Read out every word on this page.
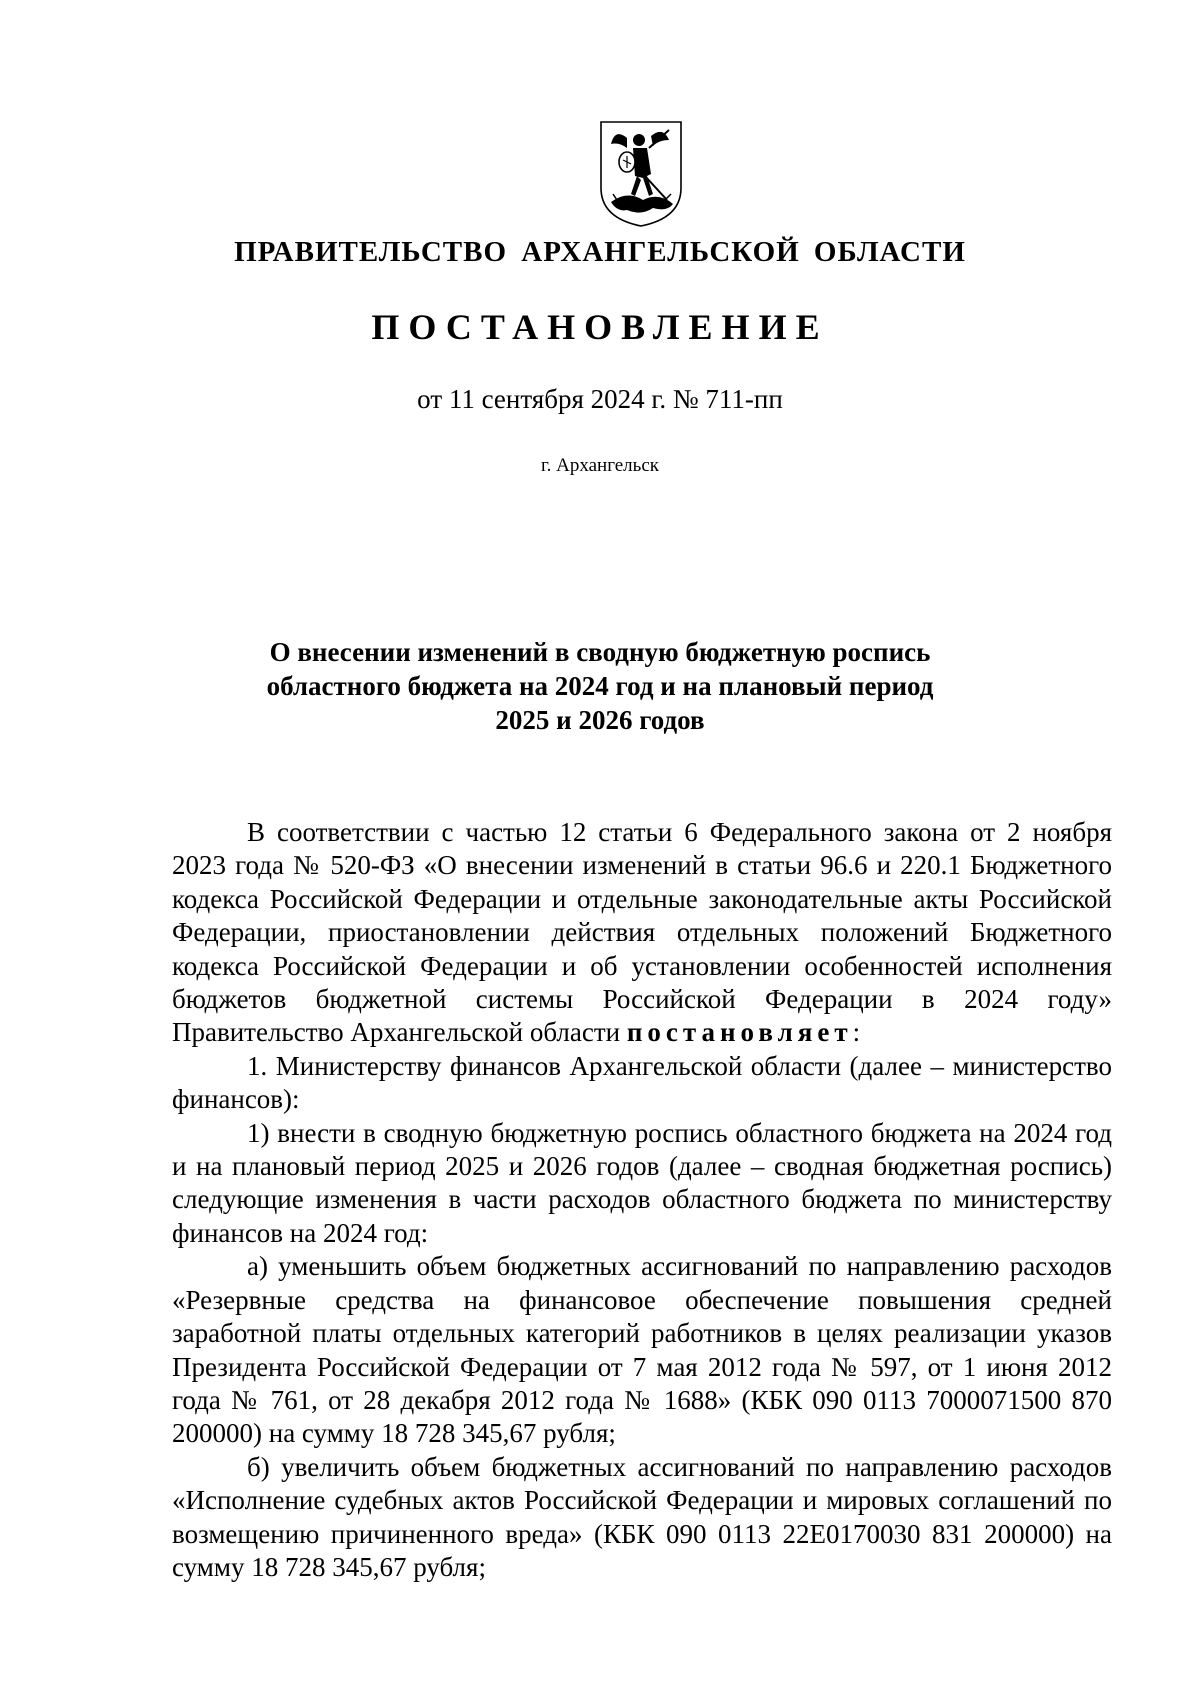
ПРАВИТЕЛЬСТВО АРХАНГЕЛЬСКОЙ ОБЛАСТИ
ПОСТАНОВЛЕНИЕ
от 11 сентября 2024 г. № 711-пп
г. Архангельск
О внесении изменений в сводную бюджетную роспись
областного бюджета на 2024 год и на плановый период
2025 и 2026 годов

В соответствии с частью 12 статьи 6 Федерального закона от 2 ноября 2023 года № 520-ФЗ «О внесении изменений в статьи 96.6 и 220.1 Бюджетного кодекса Российской Федерации и отдельные законодательные акты Российской Федерации, приостановлении действия отдельных положений Бюджетного кодекса Российской Федерации и об установлении особенностей исполнения бюджетов бюджетной системы Российской Федерации в 2024 году» Правительство Архангельской области постановляет:

1. Министерству финансов Архангельской области (далее – министерство финансов):

1) внести в сводную бюджетную роспись областного бюджета на 2024 год и на плановый период 2025 и 2026 годов (далее – сводная бюджетная роспись) следующие изменения в части расходов областного бюджета по министерству финансов на 2024 год:

а) уменьшить объем бюджетных ассигнований по направлению расходов «Резервные средства на финансовое обеспечение повышения средней заработной платы отдельных категорий работников в целях реализации указов Президента Российской Федерации от 7 мая 2012 года № 597, от 1 июня 2012 года № 761, от 28 декабря 2012 года № 1688» (КБК 090 0113 7000071500 870 200000) на сумму 18 728 345,67 рубля;

б) увеличить объем бюджетных ассигнований по направлению расходов «Исполнение судебных актов Российской Федерации и мировых соглашений по возмещению причиненного вреда» (КБК 090 0113 22Е0170030 831 200000) на сумму 18 728 345,67 рубля;
